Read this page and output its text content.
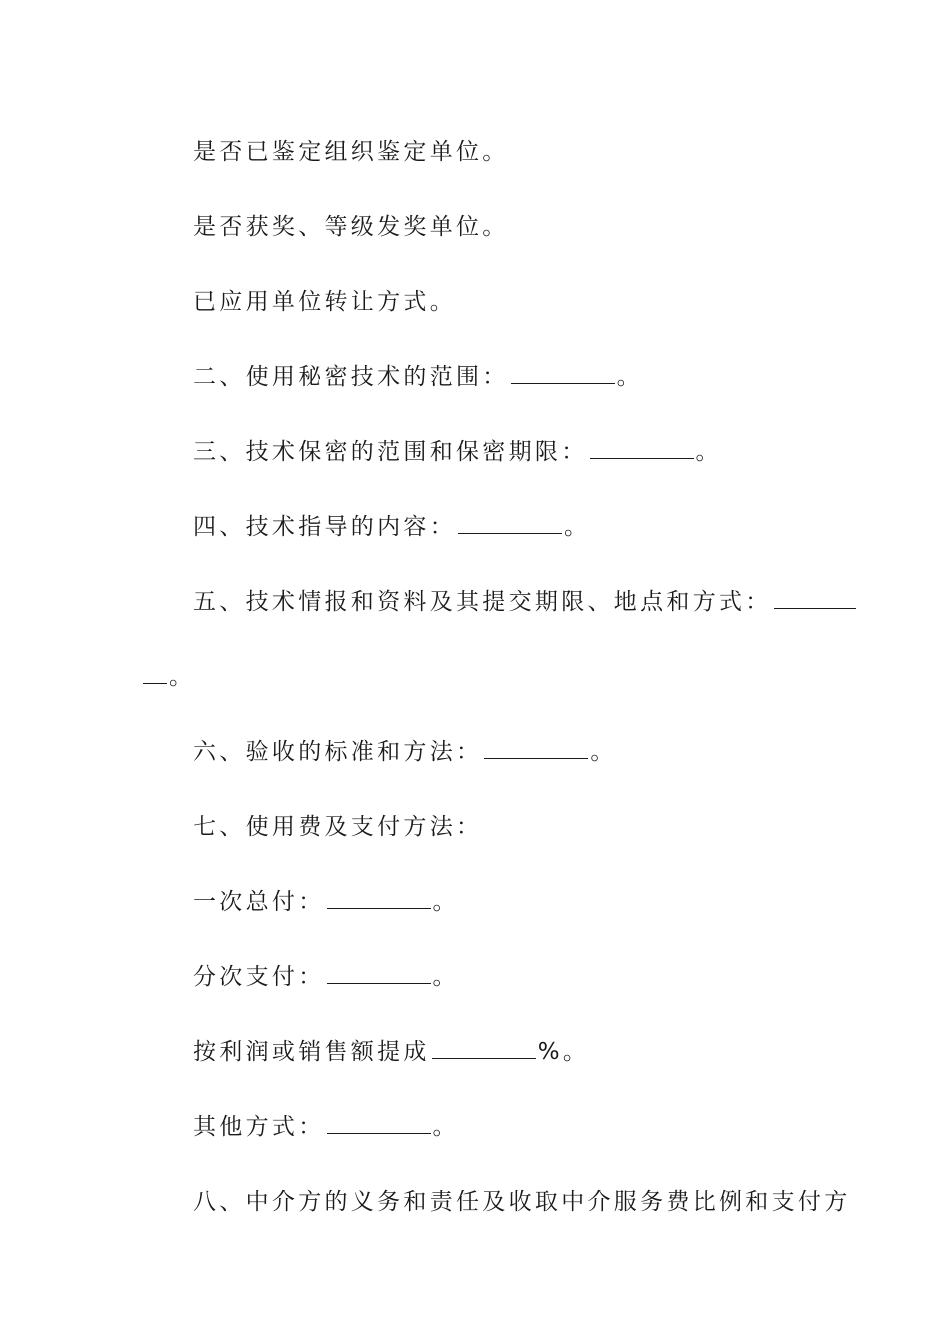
是否已鉴定组织鉴定单位。
是否获奖、等级发奖单位。
已应用单位转让方式。
二、使用秘密技术的范围：	。
三、技术保密的范围和保密期限：	。
四、技术指导的内容：	。
五、技术情报和资料及其提交期限、地点和方式：
。
六、验收的标准和方法：	。
七、使用费及支付方法：
一次总付：	。
分次支付：	。
按利润或销售额提成	%。
其他方式：	。
八、中介方的义务和责任及收取中介服务费比例和支付方
